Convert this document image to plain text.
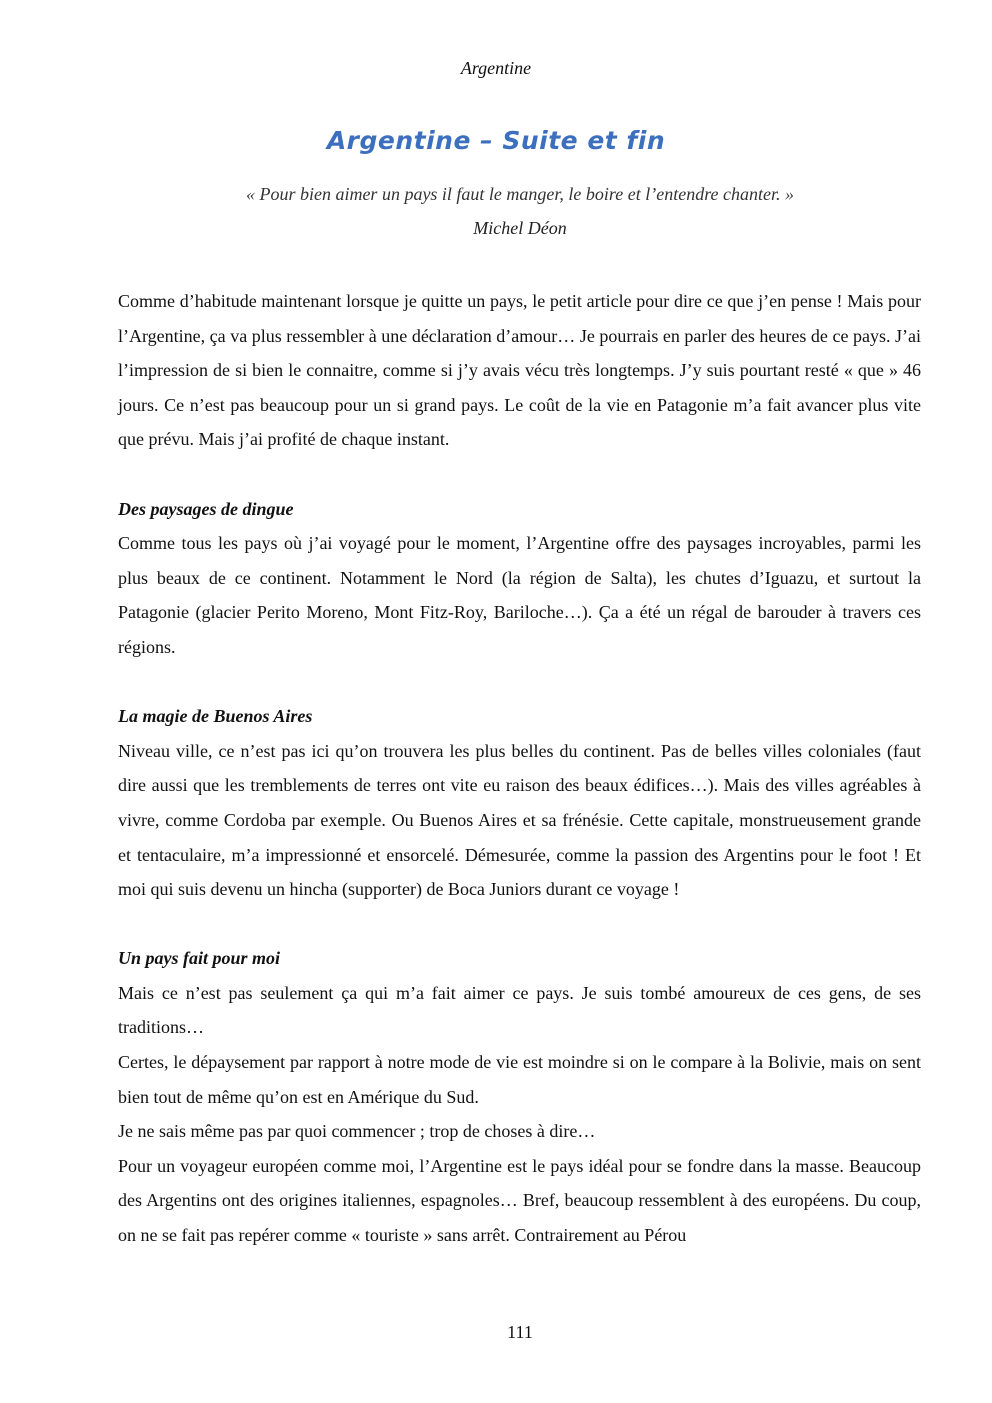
Argentine
Argentine – Suite et fin
« Pour bien aimer un pays il faut le manger, le boire et l’entendre chanter. »
Michel Déon

Comme d’habitude maintenant lorsque je quitte un pays, le petit article pour dire ce que j’en pense ! Mais pour l’Argentine, ça va plus ressembler à une déclaration d’amour… Je pourrais en parler des heures de ce pays. J’ai l’impression de si bien le connaitre, comme si j’y avais vécu très longtemps. J’y suis pourtant resté « que » 46 jours. Ce n’est pas beaucoup pour un si grand pays. Le coût de la vie en Patagonie m’a fait avancer plus vite que prévu. Mais j’ai profité de chaque instant.

Des paysages de dingue

Comme tous les pays où j’ai voyagé pour le moment, l’Argentine offre des paysages incroyables, parmi les plus beaux de ce continent. Notamment le Nord (la région de Salta), les chutes d’Iguazu, et surtout la Patagonie (glacier Perito Moreno, Mont Fitz-Roy, Bariloche…). Ça a été un régal de barouder à travers ces régions.

La magie de Buenos Aires

Niveau ville, ce n’est pas ici qu’on trouvera les plus belles du continent. Pas de belles villes coloniales (faut dire aussi que les tremblements de terres ont vite eu raison des beaux édifices…). Mais des villes agréables à vivre, comme Cordoba par exemple. Ou Buenos Aires et sa frénésie. Cette capitale, monstrueusement grande et tentaculaire, m’a impressionné et ensorcelé. Démesurée, comme la passion des Argentins pour le foot ! Et moi qui suis devenu un hincha (supporter) de Boca Juniors durant ce voyage !

Un pays fait pour moi

Mais ce n’est pas seulement ça qui m’a fait aimer ce pays. Je suis tombé amoureux de ces gens, de ses traditions…

Certes, le dépaysement par rapport à notre mode de vie est moindre si on le compare à la Bolivie, mais on sent bien tout de même qu’on est en Amérique du Sud.

Je ne sais même pas par quoi commencer ; trop de choses à dire…

Pour un voyageur européen comme moi, l’Argentine est le pays idéal pour se fondre dans la masse. Beaucoup des Argentins ont des origines italiennes, espagnoles… Bref, beaucoup ressemblent à des européens. Du coup, on ne se fait pas repérer comme « touriste » sans arrêt. Contrairement au Pérou

111
